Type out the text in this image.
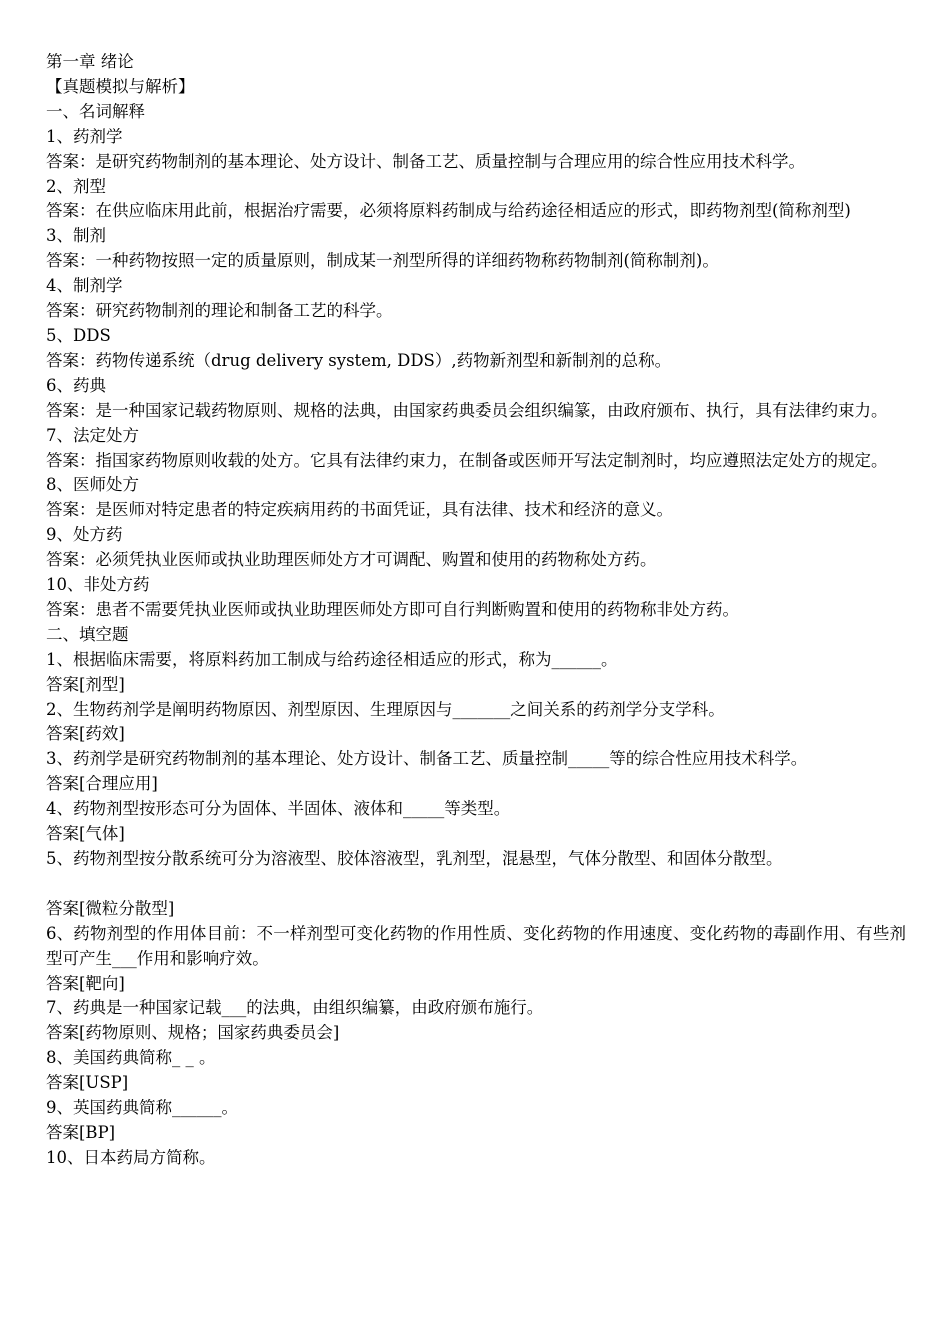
第一章 绪论

【真题模拟与解析】

一、名词解释

1、药剂学

答案：是研究药物制剂的基本理论、处方设计、制备工艺、质量控制与合理应用的综合性应用技术科学。

2、剂型

答案：在供应临床用此前，根据治疗需要，必须将原料药制成与给药途径相适应的形式，即药物剂型(简称剂型)

3、制剂

答案：一种药物按照一定的质量原则，制成某一剂型所得的详细药物称药物制剂(简称制剂)。

4、制剂学

答案：研究药物制剂的理论和制备工艺的科学。

5、DDS

答案：药物传递系统（drug delivery system, DDS）,药物新剂型和新制剂的总称。

6、药典

答案：是一种国家记载药物原则、规格的法典，由国家药典委员会组织编篆，由政府颁布、执行，具有法律约束力。

7、法定处方

答案：指国家药物原则收载的处方。它具有法律约束力，在制备或医师开写法定制剂时，均应遵照法定处方的规定。

8、医师处方

答案：是医师对特定患者的特定疾病用药的书面凭证，具有法律、技术和经济的意义。

9、处方药

答案：必须凭执业医师或执业助理医师处方才可调配、购置和使用的药物称处方药。

10、非处方药

答案：患者不需要凭执业医师或执业助理医师处方即可自行判断购置和使用的药物称非处方药。

二、填空题

1、根据临床需要，将原料药加工制成与给药途径相适应的形式，称为______。

答案[剂型]

2、生物药剂学是阐明药物原因、剂型原因、生理原因与_______之间关系的药剂学分支学科。

答案[药效]

3、药剂学是研究药物制剂的基本理论、处方设计、制备工艺、质量控制_____等的综合性应用技术科学。

答案[合理应用]

4、药物剂型按形态可分为固体、半固体、液体和_____等类型。

答案[气体]

5、药物剂型按分散系统可分为溶液型、胶体溶液型，乳剂型，混悬型，气体分散型、和固体分散型。

答案[微粒分散型]

6、药物剂型的作用体目前：不一样剂型可变化药物的作用性质、变化药物的作用速度、变化药物的毒副作用、有些剂型可产生___作用和影响疗效。

答案[靶向]

7、药典是一种国家记载___的法典，由组织编纂，由政府颁布施行。

答案[药物原则、规格；国家药典委员会]

8、美国药典简称_ _ 。

答案[USP]

9、英国药典简称______。

答案[BP]

10、日本药局方简称。
